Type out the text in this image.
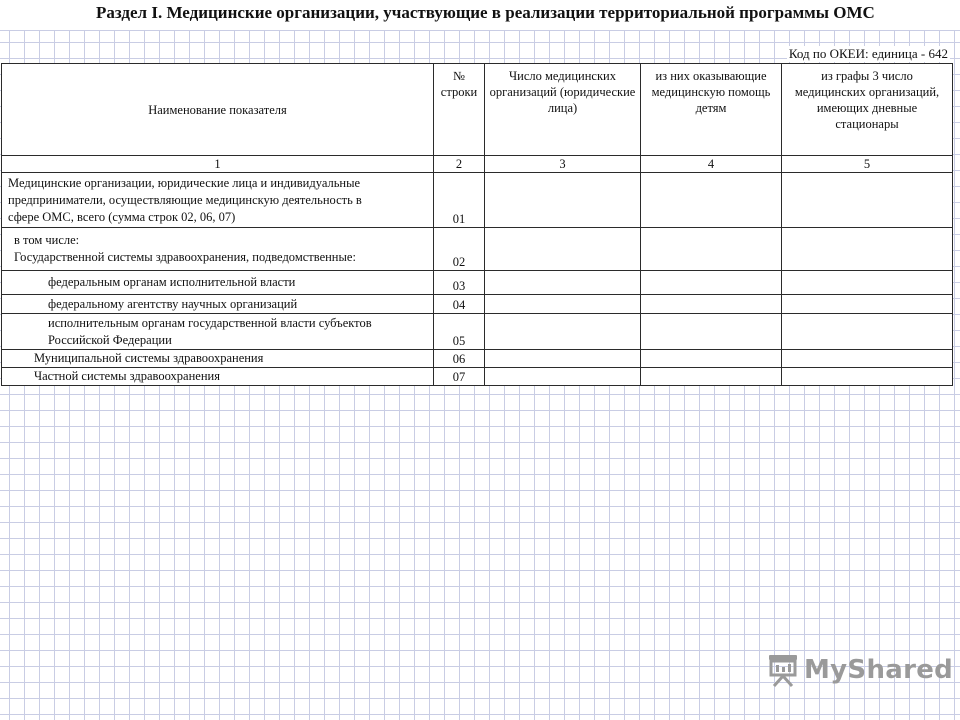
Раздел I. Медицинские организации, участвующие в реализации территориальной программы ОМС
Код по ОКЕИ: единица - 642
Наименование показателя	№ строки	Число медицинских организаций (юридические лица)	из них оказывающие медицинскую помощь детям	из графы 3 число медицинских организаций, имеющих дневные стационары
1	2	3	4	5
Медицинские организации, юридические лица и индивидуальные
предприниматели, осуществляющие медицинскую деятельность в
сфере ОМС, всего (сумма строк 02, 06, 07)	01			
в том числе:
Государственной системы здравоохранения, подведомственные:	02			
федеральным органам исполнительной власти	03			
федеральному агентству научных организаций	04			
исполнительным органам государственной власти субъектов
Российской Федерации	05			
Муниципальной системы здравоохранения	06			
Частной системы здравоохранения	07			
MyShared
